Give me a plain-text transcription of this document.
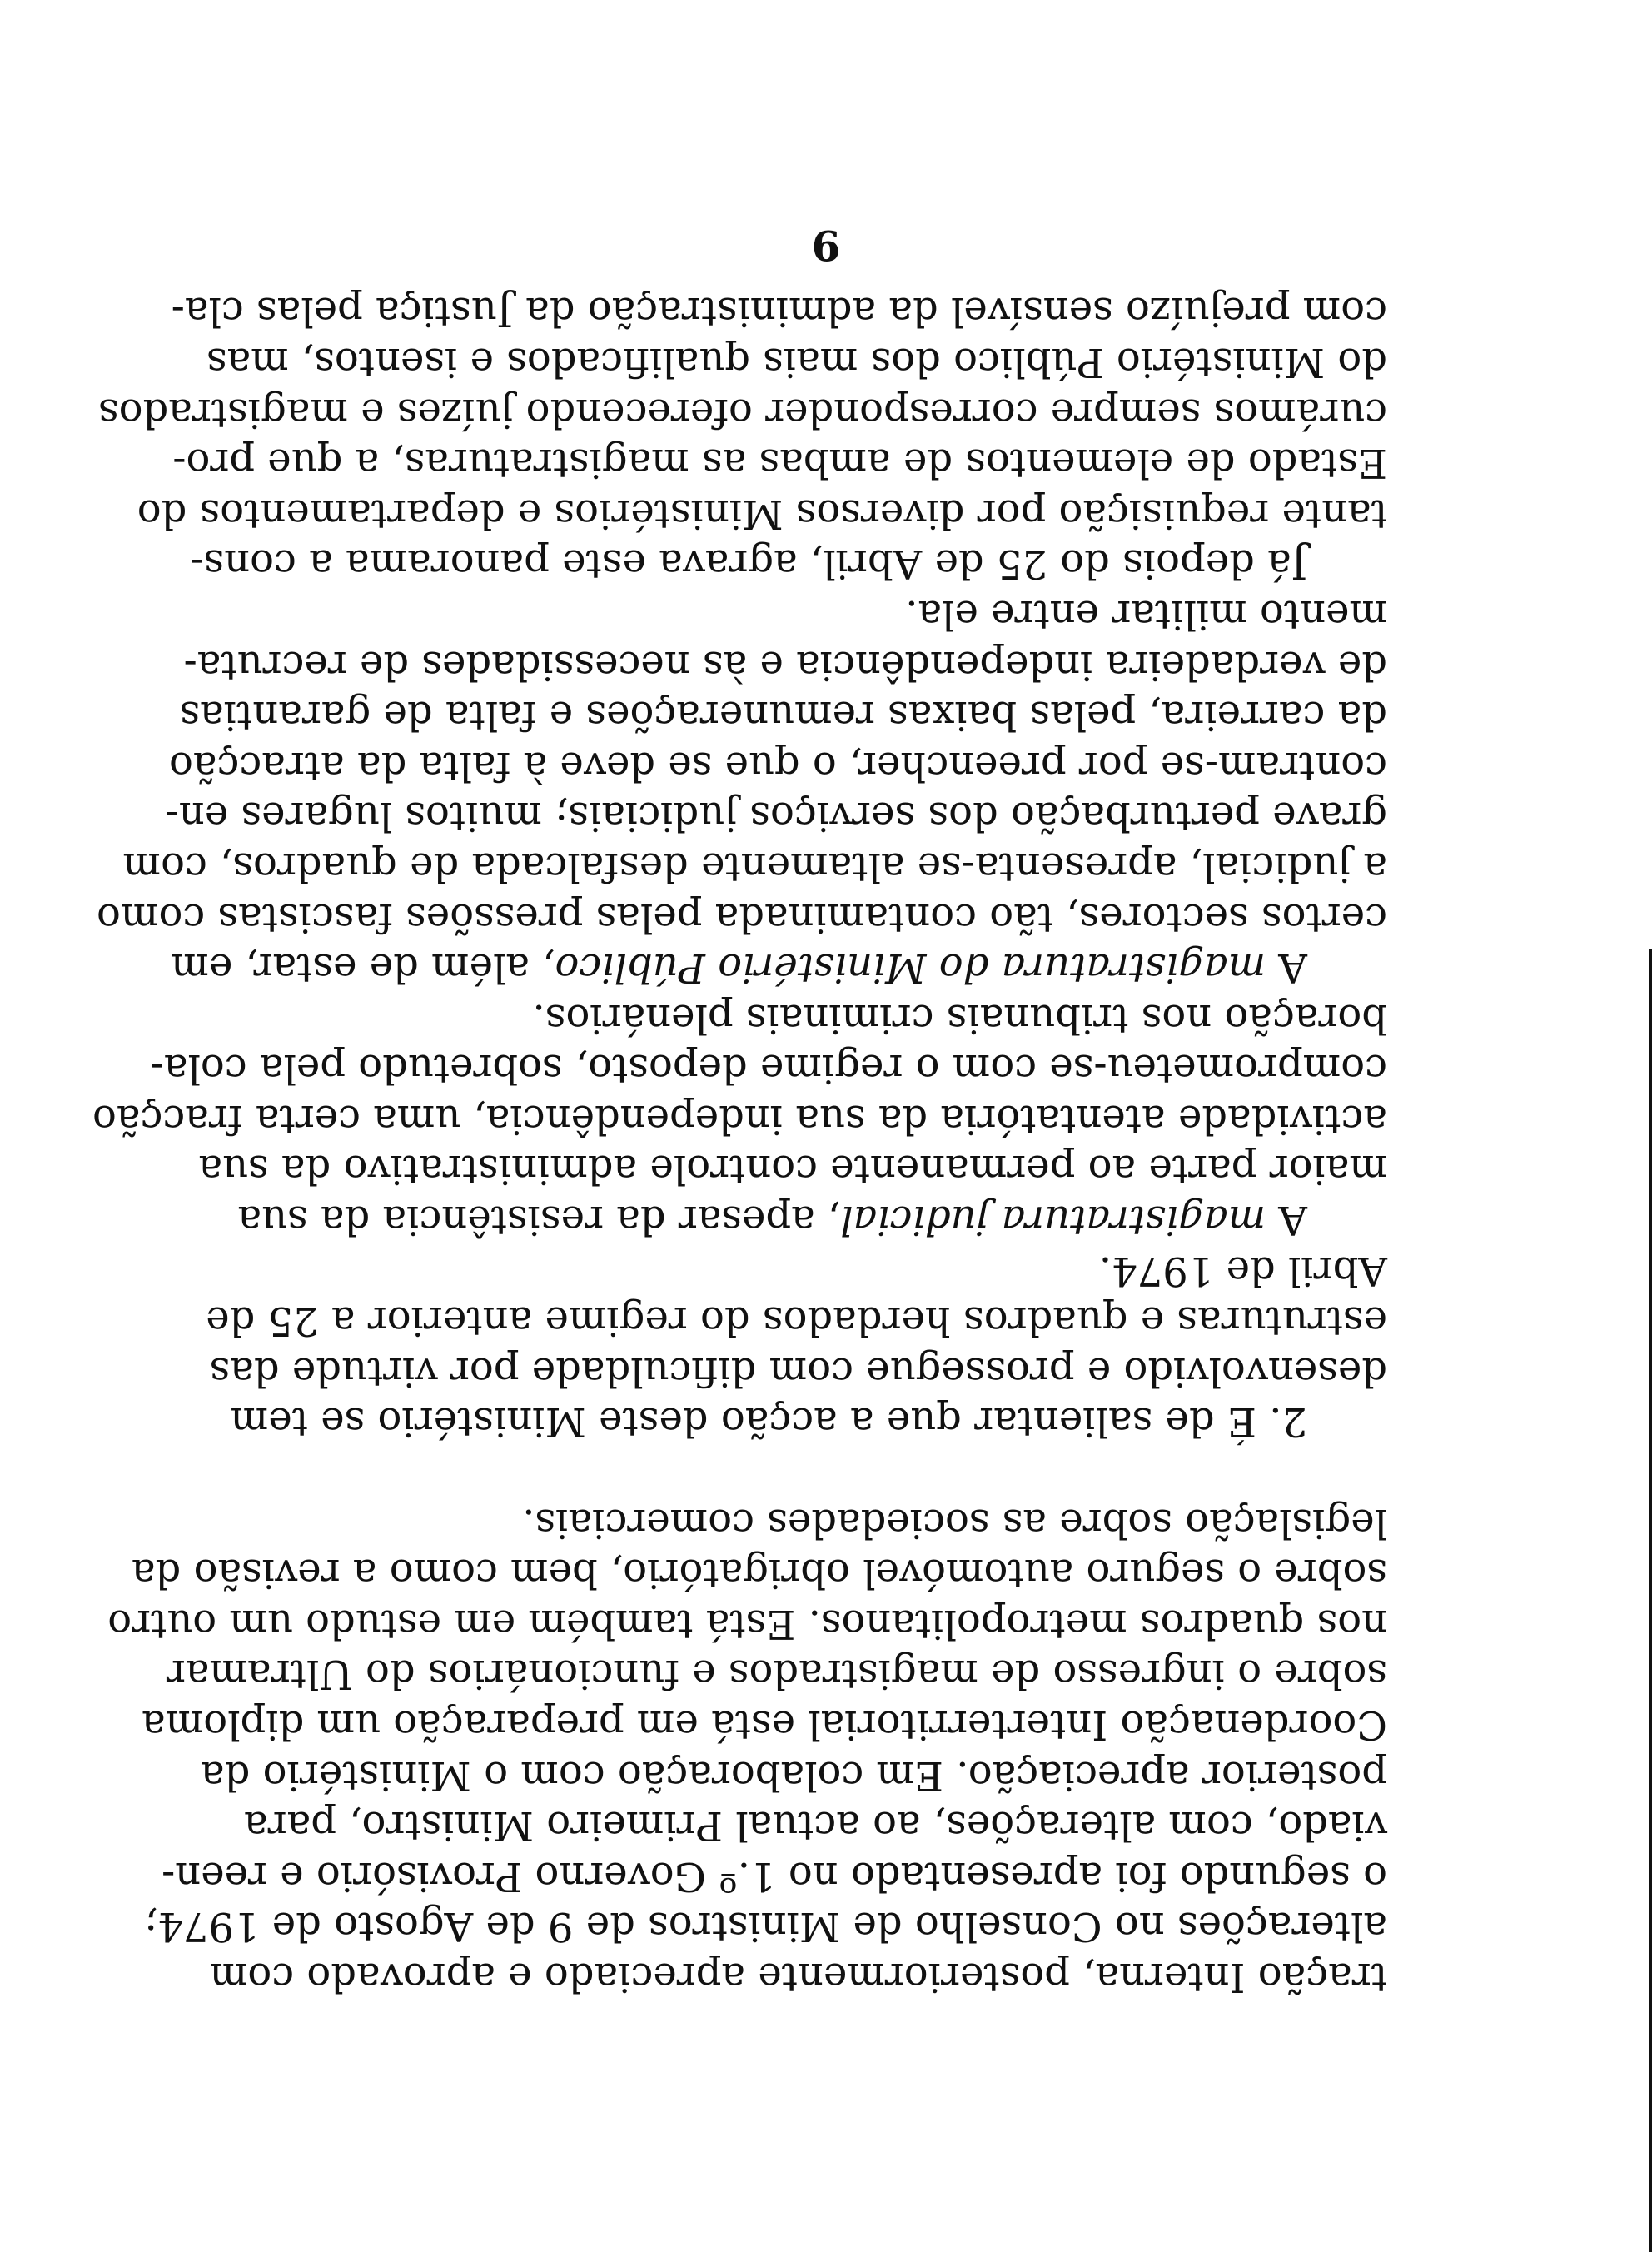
tração Interna, posteriormente apreciado e aprovado com
alterações no Conselho de Ministros de 9 de Agosto de 1974;
o segundo foi apresentado no 1.º Governo Provisório e reen-
viado, com alterações, ao actual Primeiro Ministro, para
posterior apreciação. Em colaboração com o Ministério da
Coordenação Interterritorial está em preparação um diploma
sobre o ingresso de magistrados e funcionários do Ultramar
nos quadros metropolitanos. Está também em estudo um outro
sobre o seguro automóvel obrigatório, bem como a revisão da
legislação sobre as sociedades comerciais.
2. É de salientar que a acção deste Ministério se tem
desenvolvido e prossegue com dificuldade por virtude das
estruturas e quadros herdados do regime anterior a 25 de
Abril de 1974.
A magistratura judicial, apesar da resistência da sua
maior parte ao permanente controle administrativo da sua
actividade atentatória da sua independência, uma certa fracção
comprometeu-se com o regime deposto, sobretudo pela cola-
boração nos tribunais criminais plenários.
A magistratura do Ministério Público, além de estar, em
certos sectores, tão contaminada pelas pressões fascistas como
a judicial, apresenta-se altamente desfalcada de quadros, com
grave perturbação dos serviços judiciais; muitos lugares en-
contram-se por preencher, o que se deve à falta da atracção
da carreira, pelas baixas remunerações e falta de garantias
de verdadeira independência e às necessidades de recruta-
mento militar entre ela.
Já depois do 25 de Abril, agrava este panorama a cons-
tante requisição por diversos Ministérios e departamentos do
Estado de elementos de ambas as magistraturas, a que pro-
curámos sempre corresponder oferecendo juízes e magistrados
do Ministério Público dos mais qualificados e isentos, mas
com prejuízo sensível da administração da Justiça pelas cla-
9
